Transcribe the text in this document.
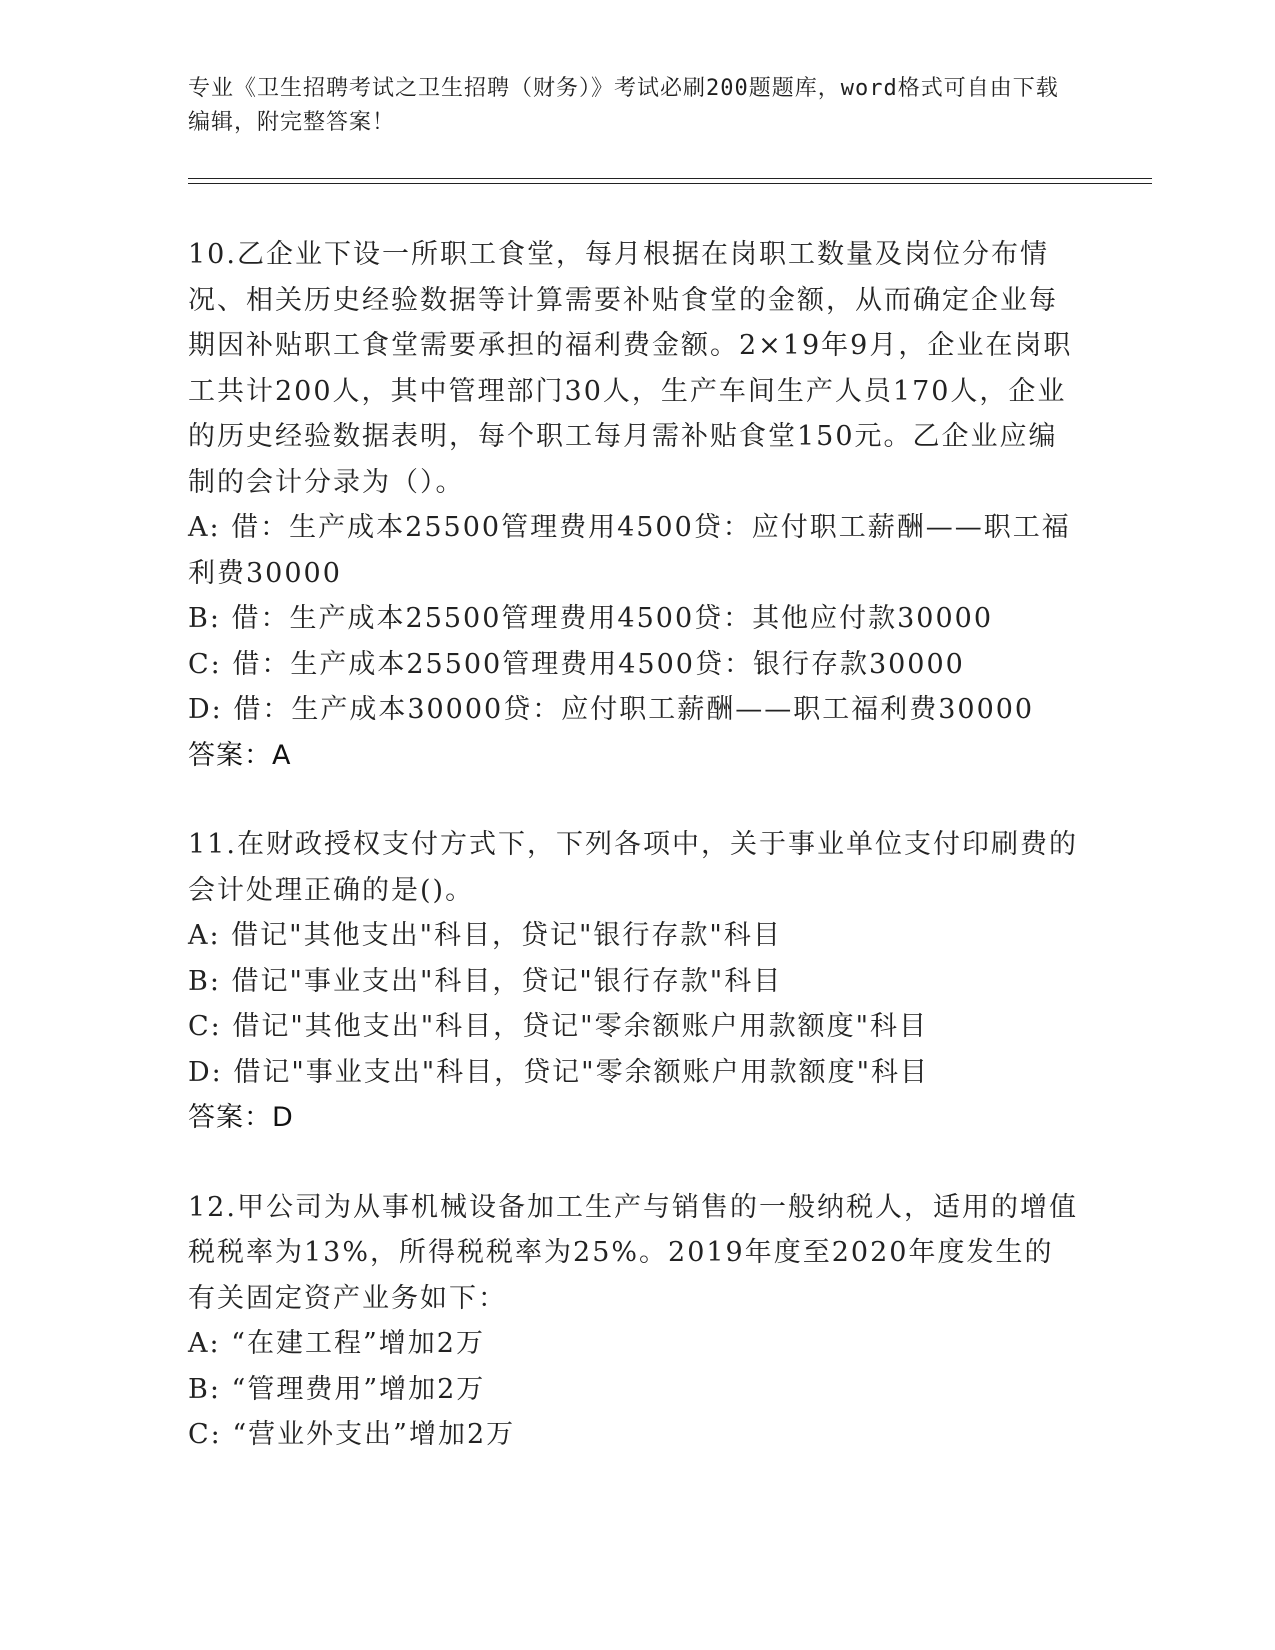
专业《卫生招聘考试之卫生招聘（财务）》考试必刷200题题库，word格式可自由下载编辑，附完整答案！

10.乙企业下设一所职工食堂，每月根据在岗职工数量及岗位分布情况、相关历史经验数据等计算需要补贴食堂的金额，从而确定企业每期因补贴职工食堂需要承担的福利费金额。2×19年9月，企业在岗职工共计200人，其中管理部门30人，生产车间生产人员170人，企业的历史经验数据表明，每个职工每月需补贴食堂150元。乙企业应编制的会计分录为（）。

A: 借：生产成本25500管理费用4500贷：应付职工薪酬——职工福利费30000

B: 借：生产成本25500管理费用4500贷：其他应付款30000

C: 借：生产成本25500管理费用4500贷：银行存款30000

D: 借：生产成本30000贷：应付职工薪酬——职工福利费30000

答案：A

11.在财政授权支付方式下，下列各项中，关于事业单位支付印刷费的会计处理正确的是()。

A: 借记"其他支出"科目，贷记"银行存款"科目

B: 借记"事业支出"科目，贷记"银行存款"科目

C: 借记"其他支出"科目，贷记"零余额账户用款额度"科目

D: 借记"事业支出"科目，贷记"零余额账户用款额度"科目

答案：D

12.甲公司为从事机械设备加工生产与销售的一般纳税人，适用的增值税税率为13%，所得税税率为25%。2019年度至2020年度发生的有关固定资产业务如下：

A: “在建工程”增加2万

B: “管理费用”增加2万

C: “营业外支出”增加2万
